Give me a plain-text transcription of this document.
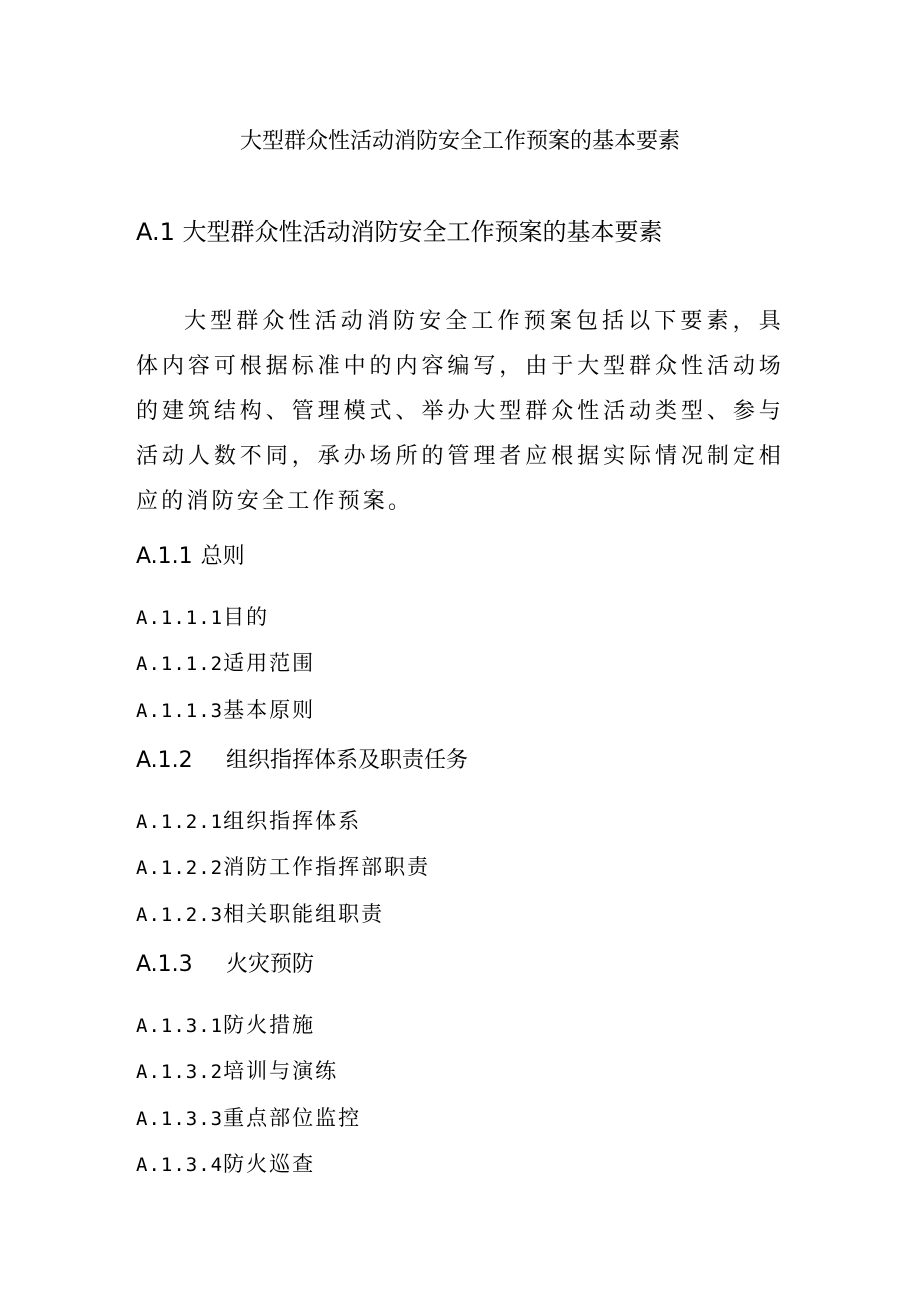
大型群众性活动消防安全工作预案的基本要素
A.1 大型群众性活动消防安全工作预案的基本要素
大型群众性活动消防安全工作预案包括以下要素，具体内容可根据标准中的内容编写，由于大型群众性活动场的建筑结构、管理模式、举办大型群众性活动类型、参与活动人数不同，承办场所的管理者应根据实际情况制定相应的消防安全工作预案。
A.1.1 总则
A.1.1.1目的
A.1.1.2适用范围
A.1.1.3基本原则
A.1.2 组织指挥体系及职责任务
A.1.2.1组织指挥体系
A.1.2.2消防工作指挥部职责
A.1.2.3相关职能组职责
A.1.3 火灾预防
A.1.3.1防火措施
A.1.3.2培训与演练
A.1.3.3重点部位监控
A.1.3.4防火巡查
